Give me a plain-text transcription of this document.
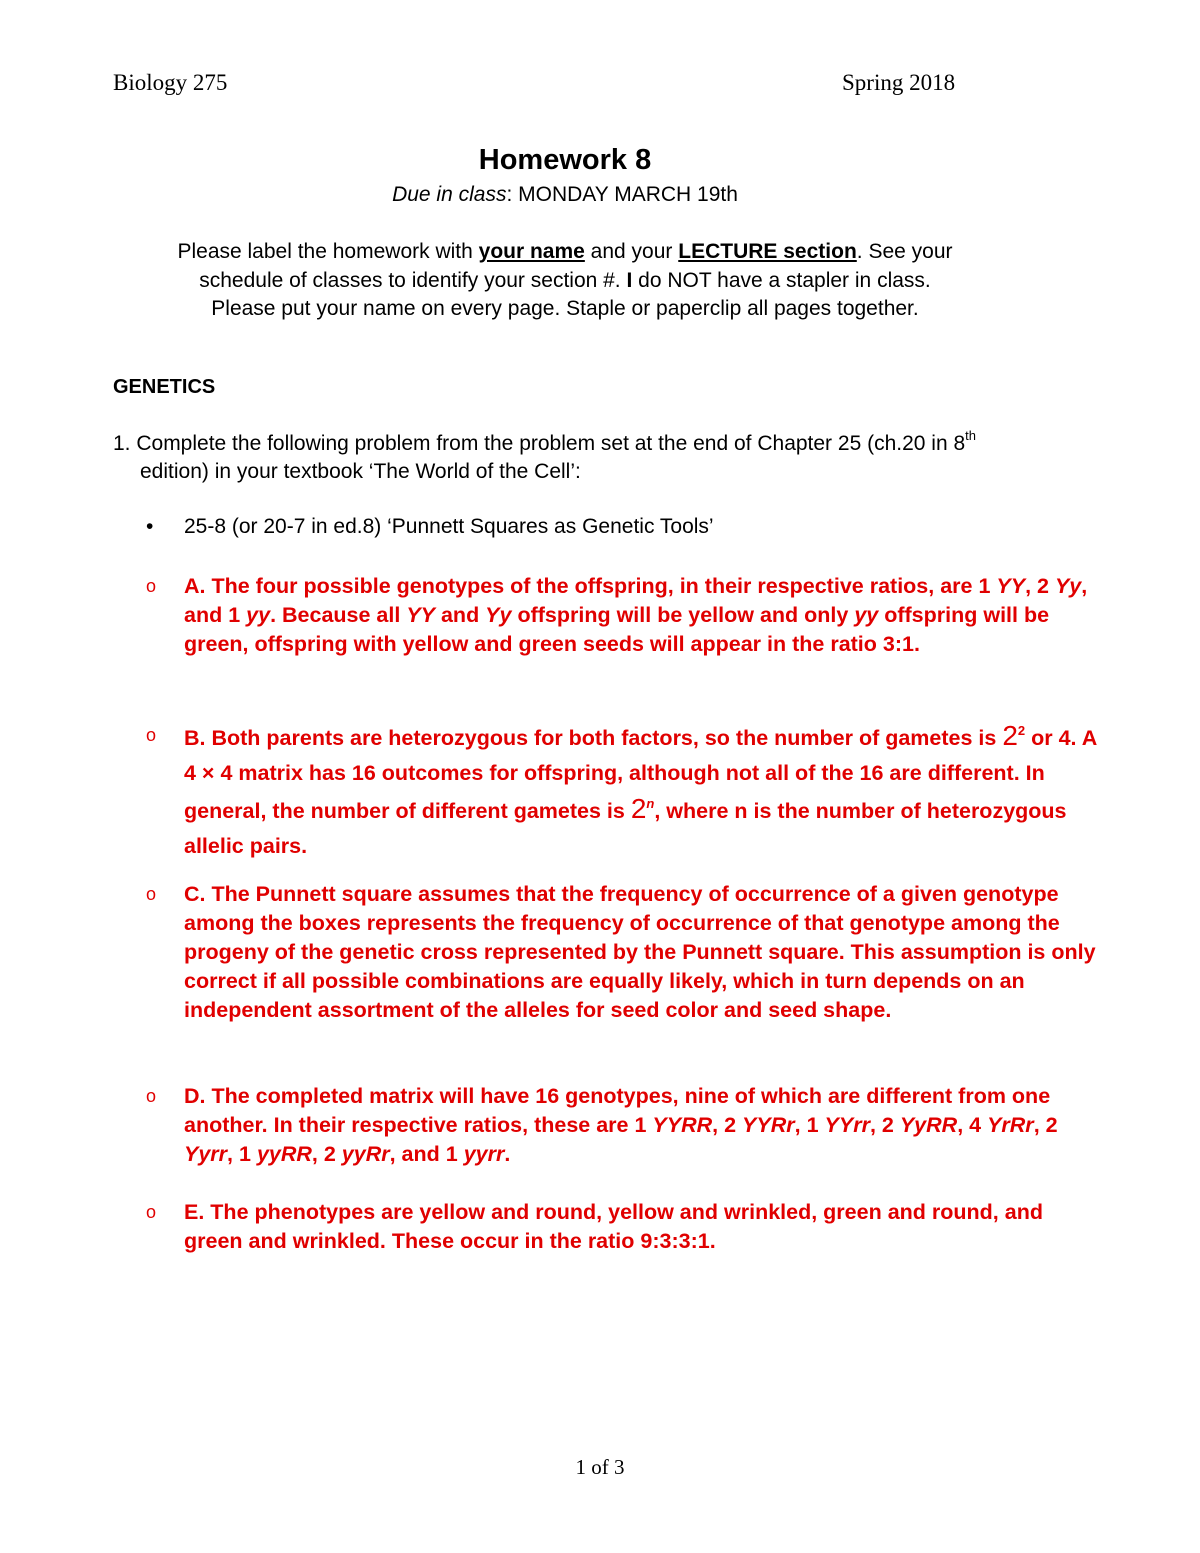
Biology 275	Spring 2018
Homework 8
Due in class: MONDAY MARCH 19th
Please label the homework with your name and your LECTURE section. See your
schedule of classes to identify your section #. I do NOT have a stapler in class.
Please put your name on every page. Staple or paperclip all pages together.
GENETICS
1. Complete the following problem from the problem set at the end of Chapter 25 (ch.20 in 8th
edition) in your textbook ‘The World of the Cell’:
• 25-8 (or 20-7 in ed.8) ‘Punnett Squares as Genetic Tools’
o A. The four possible genotypes of the offspring, in their respective ratios, are 1 YY, 2 Yy, and 1 yy. Because all YY and Yy offspring will be yellow and only yy offspring will be green, offspring with yellow and green seeds will appear in the ratio 3:1.
o B. Both parents are heterozygous for both factors, so the number of gametes is $2^2$ or 4. A 4 × 4 matrix has 16 outcomes for offspring, although not all of the 16 are different. In general, the number of different gametes is 2$^n$, where n is the number of heterozygous allelic pairs.
o C. The Punnett square assumes that the frequency of occurrence of a given genotype among the boxes represents the frequency of occurrence of that genotype among the progeny of the genetic cross represented by the Punnett square. This assumption is only correct if all possible combinations are equally likely, which in turn depends on an independent assortment of the alleles for seed color and seed shape.
o D. The completed matrix will have 16 genotypes, nine of which are different from one another. In their respective ratios, these are 1 YYRR, 2 YYRr, 1 YYrr, 2 YyRR, 4 YrRr, 2 Yyrr, 1 yyRR, 2 yyRr, and 1 yyrr.
o E. The phenotypes are yellow and round, yellow and wrinkled, green and round, and green and wrinkled. These occur in the ratio 9:3:3:1.
1 of 3
